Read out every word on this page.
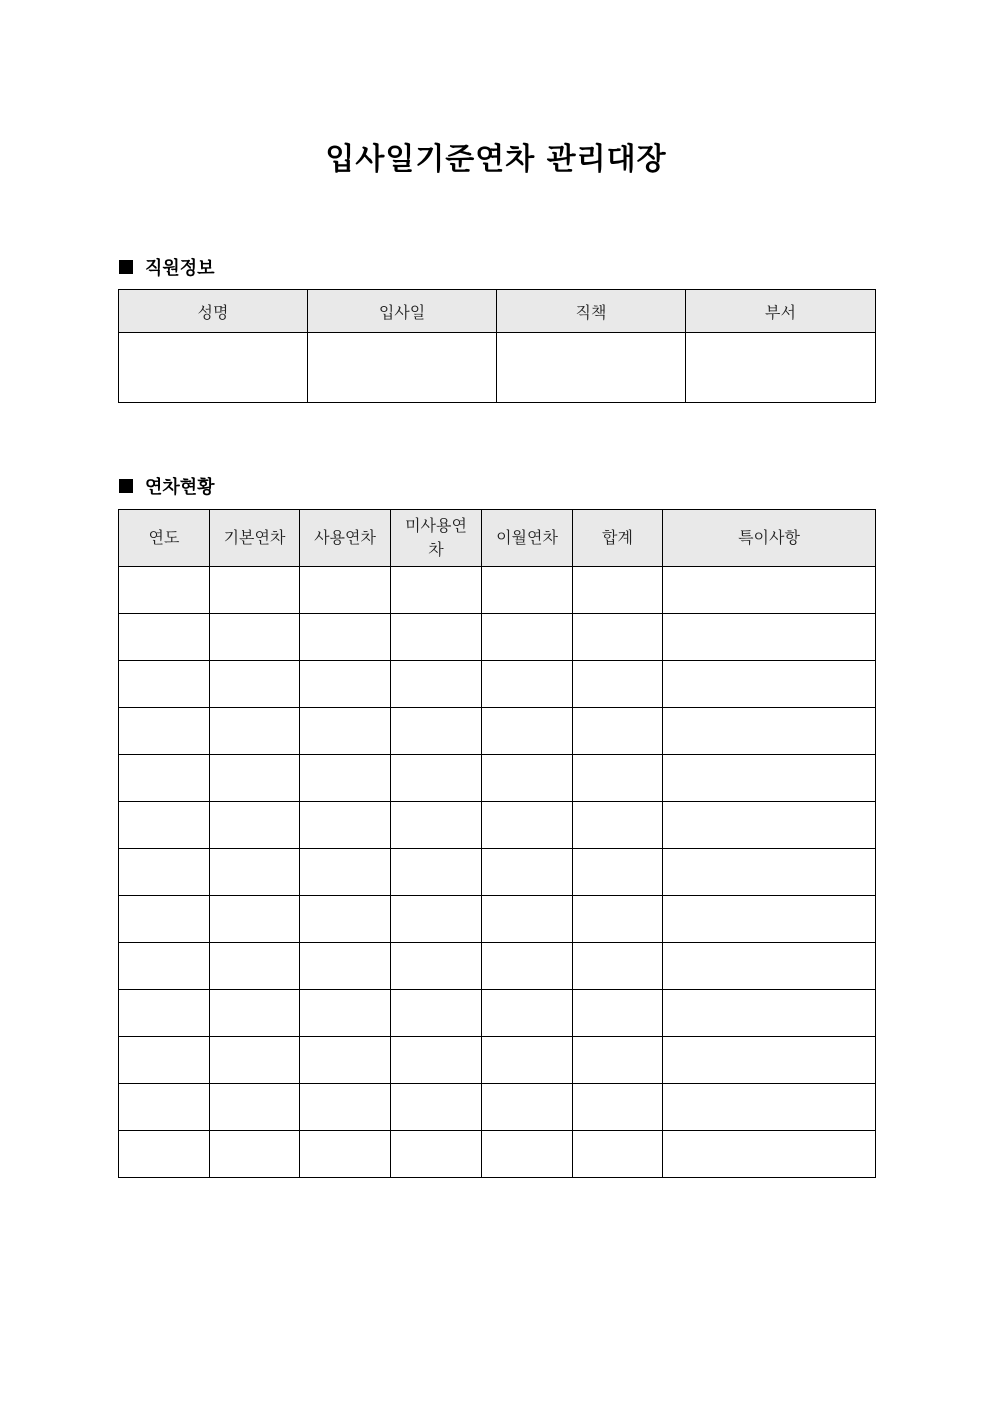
입사일기준연차 관리대장
직원정보
성명	입사일	직책	부서

연차현황
연도	기본연차	사용연차	미사용연차	이월연차	합계	특이사항
